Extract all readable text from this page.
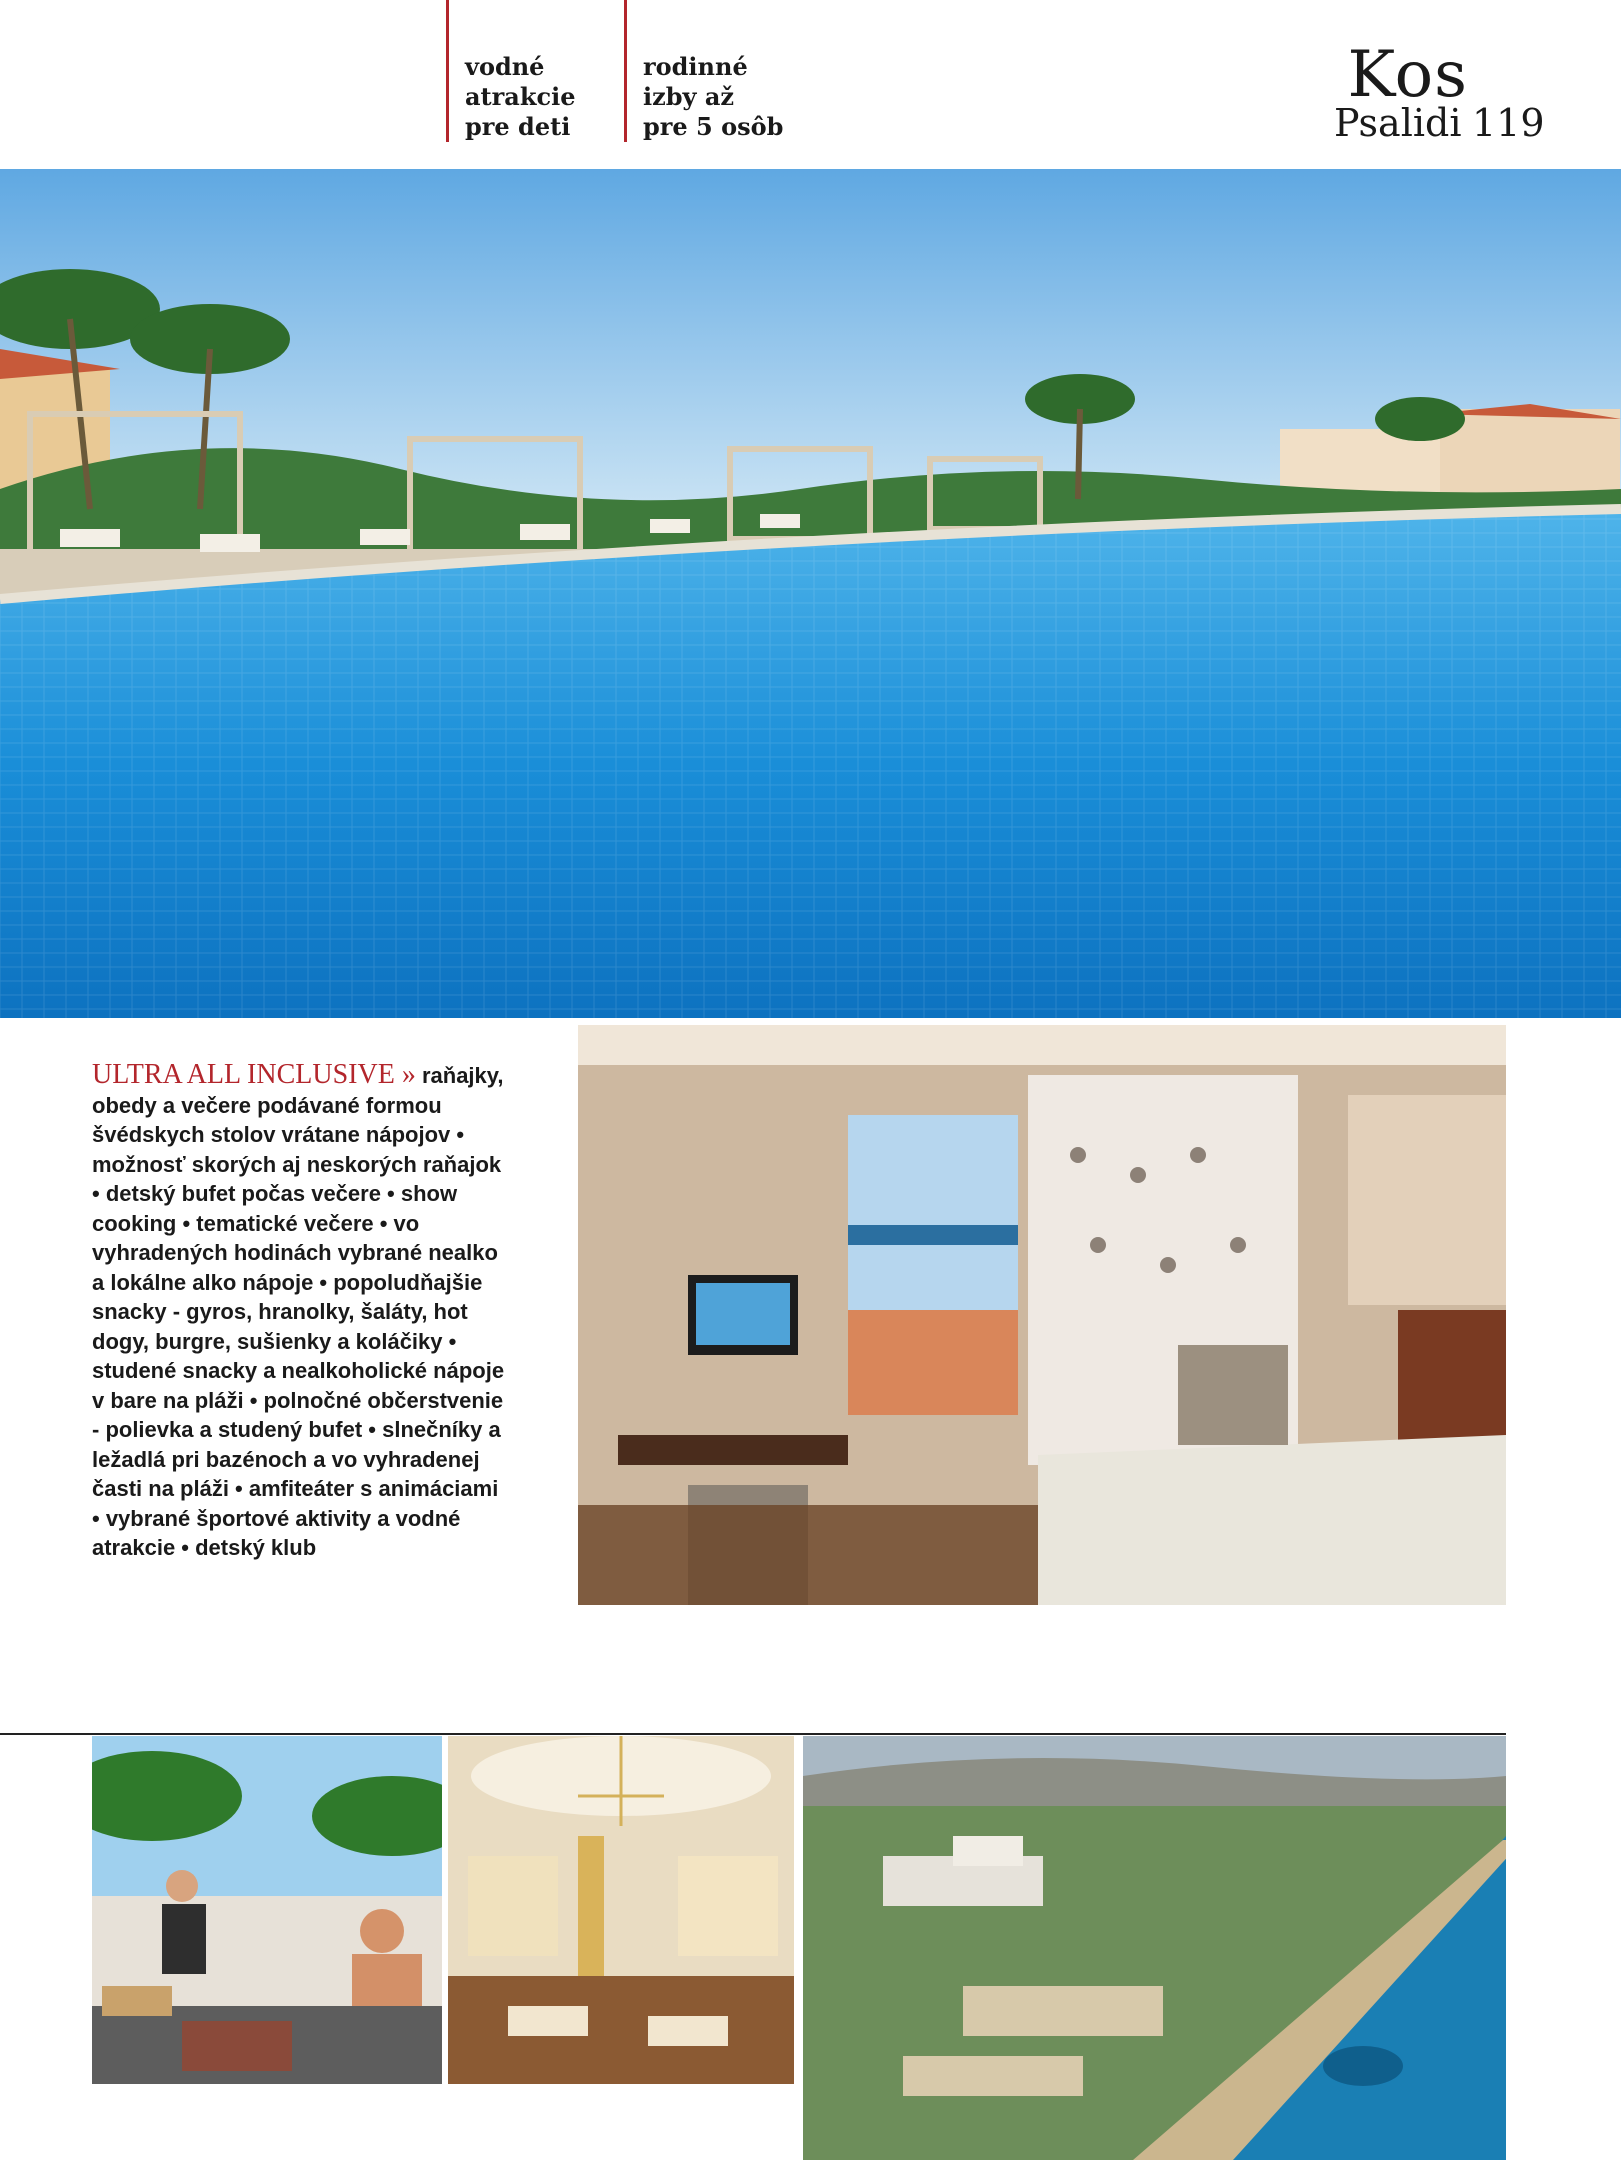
vodné
atrakcie
pre deti
rodinné
izby až
pre 5 osôb
Kos
Psalidi 119
ULTRA ALL INCLUSIVE » raňajky, obedy a večere podávané formou švédskych stolov vrátane nápojov • možnosť skorých aj neskorých raňajok • detský bufet počas večere • show cooking • tematické večere • vo vyhradených hodinách vybrané nealko a lokálne alko nápoje • popoludňajšie snacky - gyros, hranolky, šaláty, hot dogy, burgre, sušienky a koláčiky • studené snacky a nealkoholické nápoje v bare na pláži • polnočné občerstvenie - polievka a studený bufet • slnečníky a ležadlá pri bazénoch a vo vyhradenej časti na pláži • amfiteáter s animáciami • vybrané športové aktivity a vodné atrakcie • detský klub
